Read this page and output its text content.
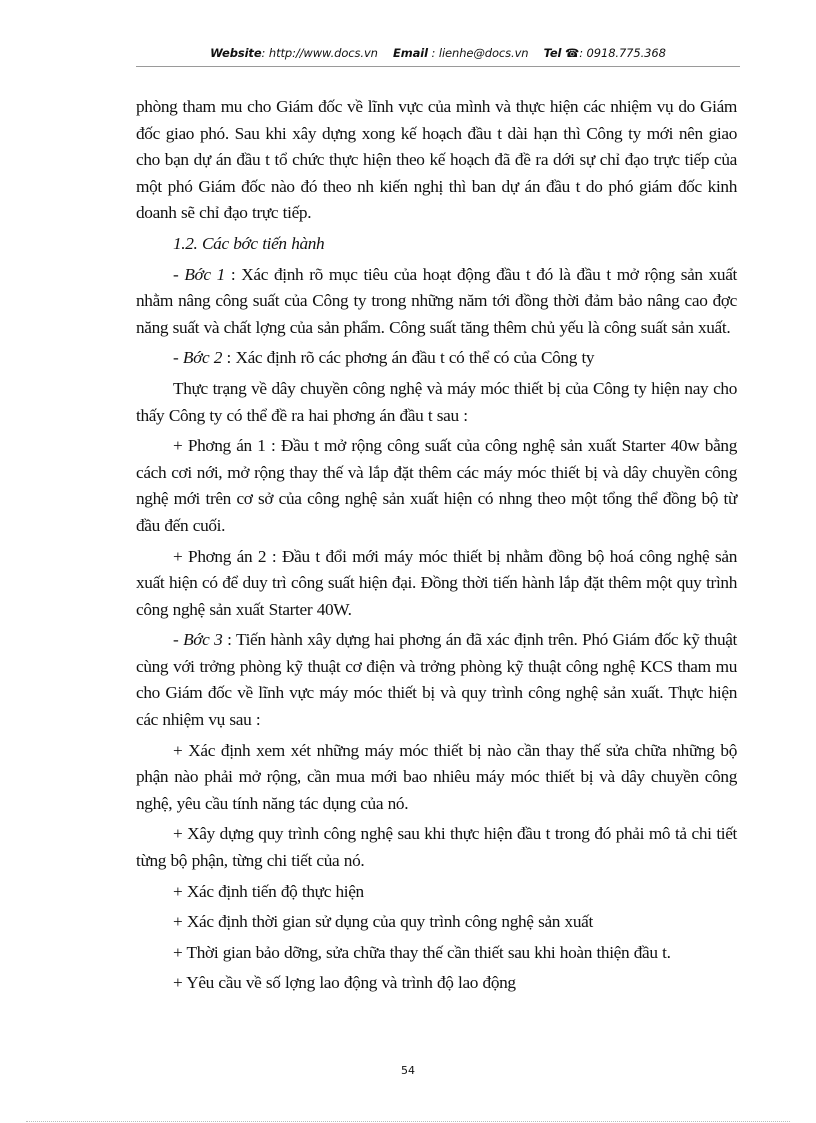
Website: http://www.docs.vn Email : lienhe@docs.vn Tel ☎: 0918.775.368

phòng tham mu cho Giám đốc về lĩnh vực của mình và thực hiện các nhiệm vụ do Giám đốc giao phó. Sau khi xây dựng xong kế hoạch đầu t dài hạn thì Công ty mới nên giao cho bạn dự án đầu t tổ chức thực hiện theo kế hoạch đã đề ra dới sự chỉ đạo trực tiếp của một phó Giám đốc nào đó theo nh kiến nghị thì ban dự án đầu t do phó giám đốc kinh doanh sẽ chỉ đạo trực tiếp.

1.2. Các bớc tiến hành

- Bớc 1 : Xác định rõ mục tiêu của hoạt động đầu t đó là đầu t mở rộng sản xuất nhằm nâng công suất của Công ty trong những năm tới đồng thời đảm bảo nâng cao đợc năng suất và chất lợng của sản phẩm. Công suất tăng thêm chủ yếu là công suất sản xuất.

- Bớc 2 : Xác định rõ các phơng án đầu t có thể có của Công ty

Thực trạng về dây chuyền công nghệ và máy móc thiết bị của Công ty hiện nay cho thấy Công ty có thể đề ra hai phơng án đầu t sau :

+ Phơng án 1 : Đầu t mở rộng công suất của công nghệ sản xuất Starter 40w bằng cách cơi nới, mở rộng thay thế và lắp đặt thêm các máy móc thiết bị và dây chuyền công nghệ mới trên cơ sở của công nghệ sản xuất hiện có nhng theo một tổng thể đồng bộ từ đầu đến cuối.

+ Phơng án 2 : Đầu t đổi mới máy móc thiết bị nhằm đồng bộ hoá công nghệ sản xuất hiện có để duy trì công suất hiện đại. Đồng thời tiến hành lắp đặt thêm một quy trình công nghệ sản xuất Starter 40W.

- Bớc 3 : Tiến hành xây dựng hai phơng án đã xác định trên. Phó Giám đốc kỹ thuật cùng với trởng phòng kỹ thuật cơ điện và trởng phòng kỹ thuật công nghệ KCS tham mu cho Giám đốc về lĩnh vực máy móc thiết bị và quy trình công nghệ sản xuất. Thực hiện các nhiệm vụ sau :

+ Xác định xem xét những máy móc thiết bị nào cần thay thế sửa chữa những bộ phận nào phải mở rộng, cần mua mới bao nhiêu máy móc thiết bị và dây chuyền công nghệ, yêu cầu tính năng tác dụng của nó.

+ Xây dựng quy trình công nghệ sau khi thực hiện đầu t trong đó phải mô tả chi tiết từng bộ phận, từng chi tiết của nó.

+ Xác định tiến độ thực hiện

+ Xác định thời gian sử dụng của quy trình công nghệ sản xuất

+ Thời gian bảo dỡng, sửa chữa thay thế cần thiết sau khi hoàn thiện đầu t.

+ Yêu cầu về số lợng lao động và trình độ lao động

54
